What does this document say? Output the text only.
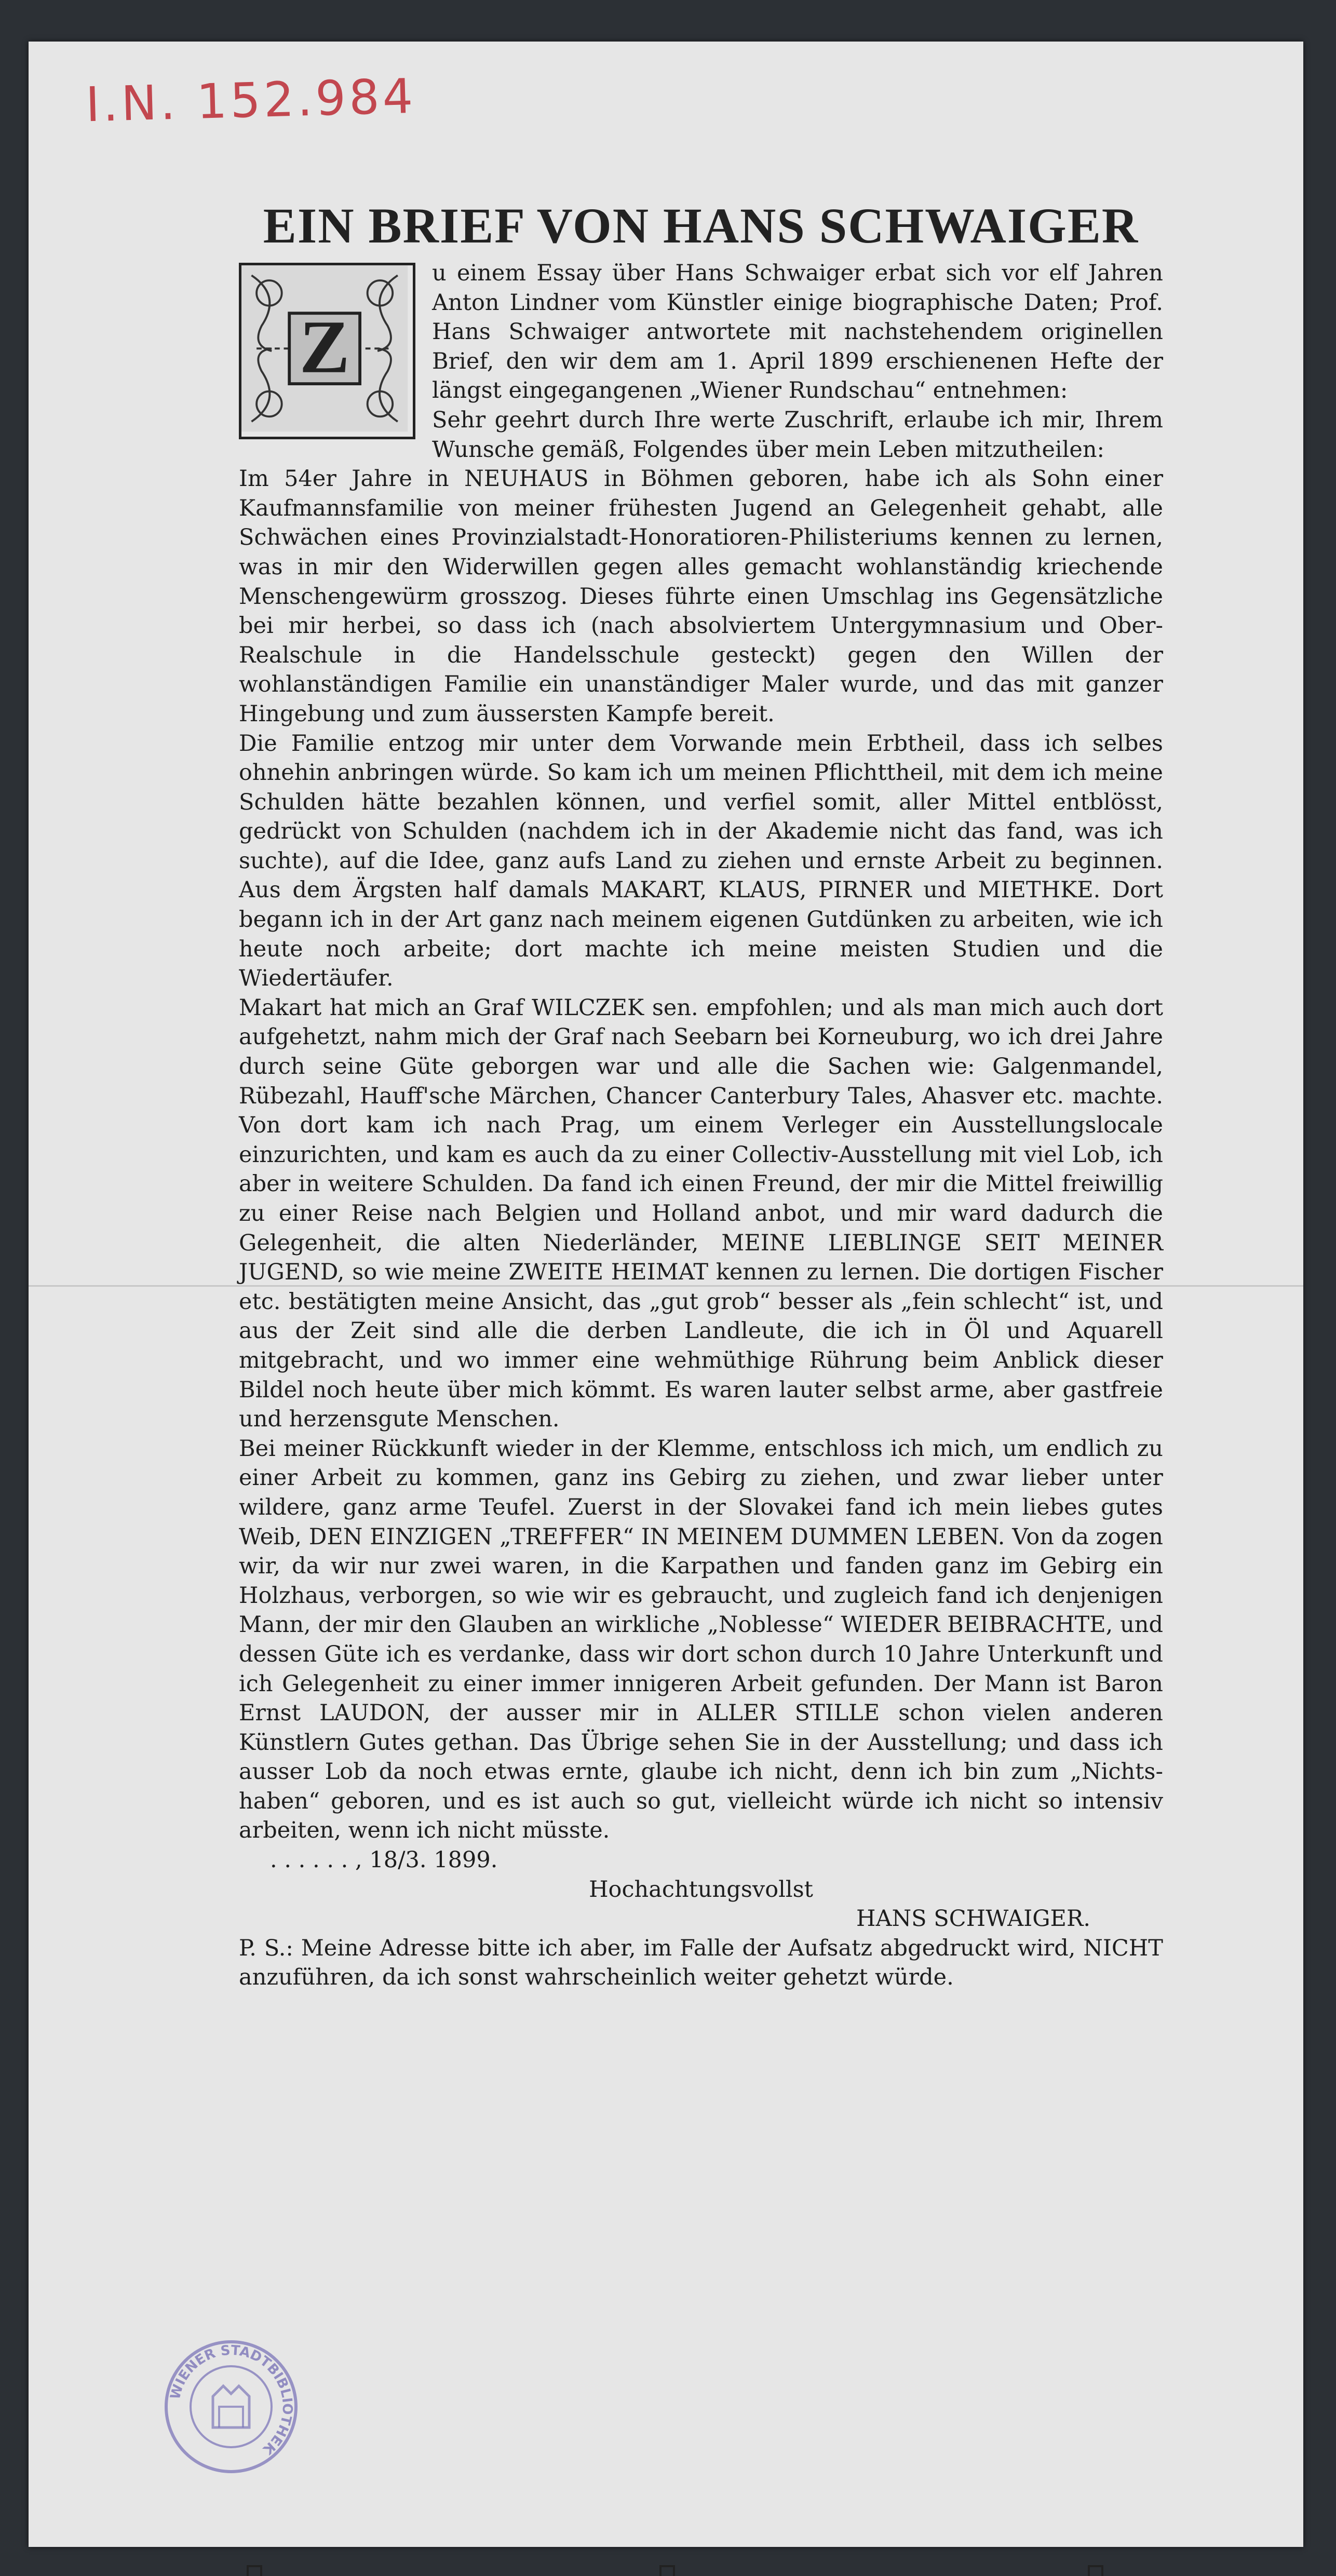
I.N. 152.984
EIN BRIEF VON HANS SCHWAIGER
Z

u einem Essay über Hans Schwaiger erbat sich vor elf Jahren Anton Lindner vom Künstler einige biographische Daten; Prof. Hans Schwaiger antwortete mit nachstehendem originellen Brief, den wir dem am 1. April 1899 erschienenen Hefte der längst eingegangenen „Wiener Rundschau“ entnehmen:

Sehr geehrt durch Ihre werte Zuschrift, erlaube ich mir, Ihrem Wunsche gemäß, Folgendes über mein Leben mitzutheilen:

Im 54er Jahre in NEUHAUS in Böhmen geboren, habe ich als Sohn einer Kaufmannsfamilie von meiner frühesten Jugend an Gelegenheit gehabt, alle Schwächen eines Provinzialstadt-Honoratioren-Philisteriums kennen zu lernen, was in mir den Widerwillen gegen alles gemacht wohlanständig kriechende Menschengewürm grosszog. Dieses führte einen Umschlag ins Gegensätzliche bei mir herbei, so dass ich (nach absolviertem Untergymnasium und Ober-Realschule in die Handelsschule gesteckt) gegen den Willen der wohlanständigen Familie ein unanständiger Maler wurde, und das mit ganzer Hingebung und zum äussersten Kampfe bereit.

Die Familie entzog mir unter dem Vorwande mein Erbtheil, dass ich selbes ohnehin anbringen würde. So kam ich um meinen Pflichttheil, mit dem ich meine Schulden hätte bezahlen können, und verfiel somit, aller Mittel entblösst, gedrückt von Schulden (nachdem ich in der Akademie nicht das fand, was ich suchte), auf die Idee, ganz aufs Land zu ziehen und ernste Arbeit zu beginnen. Aus dem Ärgsten half damals MAKART, KLAUS, PIRNER und MIETHKE. Dort begann ich in der Art ganz nach meinem eigenen Gutdünken zu arbeiten, wie ich heute noch arbeite; dort machte ich meine meisten Studien und die Wiedertäufer.

Makart hat mich an Graf WILCZEK sen. empfohlen; und als man mich auch dort aufgehetzt, nahm mich der Graf nach Seebarn bei Korneuburg, wo ich drei Jahre durch seine Güte geborgen war und alle die Sachen wie: Galgenmandel, Rübezahl, Hauff'sche Märchen, Chancer Canterbury Tales, Ahasver etc. machte. Von dort kam ich nach Prag, um einem Verleger ein Ausstellungslocale einzurichten, und kam es auch da zu einer Collectiv-Ausstellung mit viel Lob, ich aber in weitere Schulden. Da fand ich einen Freund, der mir die Mittel freiwillig zu einer Reise nach Belgien und Holland anbot, und mir ward dadurch die Gelegenheit, die alten Niederländer, MEINE LIEBLINGE SEIT MEINER JUGEND, so wie meine ZWEITE HEIMAT kennen zu lernen. Die dortigen Fischer etc. bestätigten meine Ansicht, das „gut grob“ besser als „fein schlecht“ ist, und aus der Zeit sind alle die derben Landleute, die ich in Öl und Aquarell mitgebracht, und wo immer eine wehmüthige Rührung beim Anblick dieser Bildel noch heute über mich kömmt. Es waren lauter selbst arme, aber gastfreie und herzensgute Menschen.

Bei meiner Rückkunft wieder in der Klemme, entschloss ich mich, um endlich zu einer Arbeit zu kommen, ganz ins Gebirg zu ziehen, und zwar lieber unter wildere, ganz arme Teufel. Zuerst in der Slovakei fand ich mein liebes gutes Weib, DEN EINZIGEN „TREFFER“ IN MEINEM DUMMEN LEBEN. Von da zogen wir, da wir nur zwei waren, in die Karpathen und fanden ganz im Gebirg ein Holzhaus, verborgen, so wie wir es gebraucht, und zugleich fand ich denjenigen Mann, der mir den Glauben an wirkliche „Noblesse“ WIEDER BEIBRACHTE, und dessen Güte ich es verdanke, dass wir dort schon durch 10 Jahre Unterkunft und ich Gelegenheit zu einer immer innigeren Arbeit gefunden. Der Mann ist Baron Ernst LAUDON, der ausser mir in ALLER STILLE schon vielen anderen Künstlern Gutes gethan. Das Übrige sehen Sie in der Ausstellung; und dass ich ausser Lob da noch etwas ernte, glaube ich nicht, denn ich bin zum „Nichts-haben“ geboren, und es ist auch so gut, vielleicht würde ich nicht so intensiv arbeiten, wenn ich nicht müsste.

. . . . . . , 18/3. 1899.

Hochachtungsvollst

HANS SCHWAIGER.

P. S.: Meine Adresse bitte ich aber, im Falle der Aufsatz abgedruckt wird, NICHT anzuführen, da ich sonst wahrscheinlich weiter gehetzt würde.

WIENER STADTBIBLIOTHEK
